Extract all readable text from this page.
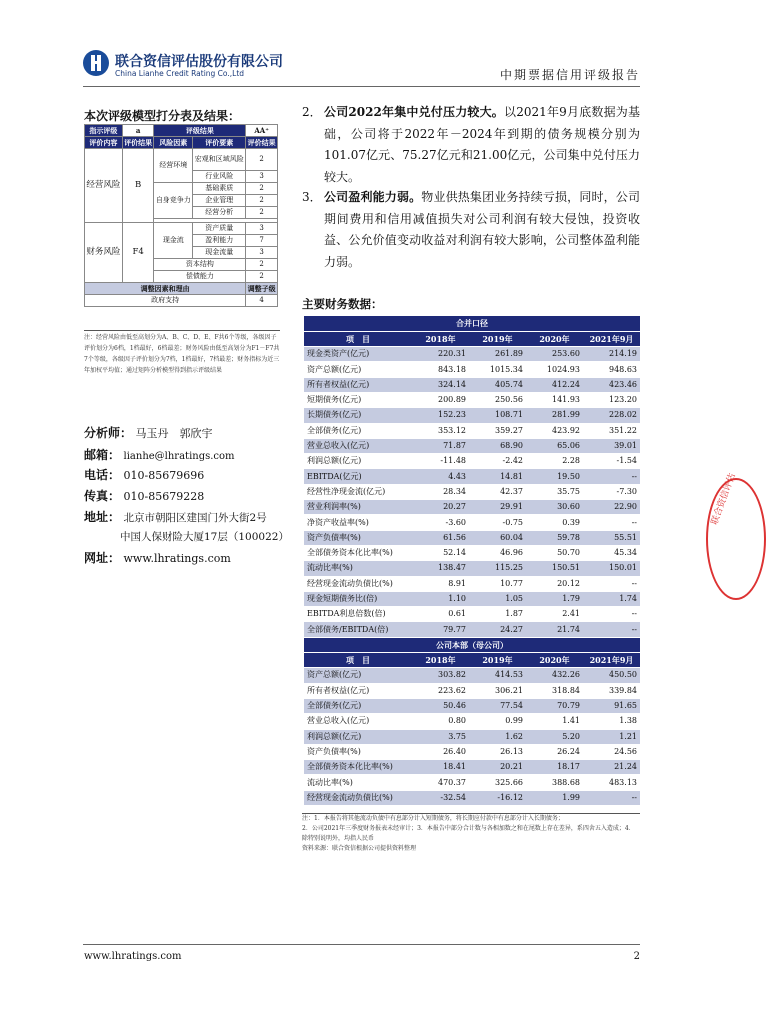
联合资信评估股份有限公司
China Lianhe Credit Rating Co.,Ltd	中期票据信用评级报告
本次评级模型打分表及结果：
指示评级	a	评级结果		AA⁺
评价内容	评价结果	风险因素	评价要素	评价结果
经营风险	B	经营环境	宏观和区域风险	2
			行业风险	3
		自身竞争力	基础素质	2
			企业管理	2
			经营分析	2

财务风险	F4	现金流	资产质量	3
			盈利能力	7
			现金流量	3
		资本结构		2
		偿债能力		2
调整因素和理由				调整子级
政府支持				4
注：经营风险由低至高划分为A、B、C、D、E、F共6个等级，各级因子评价划分为6档，1档最好，6档最差；财务风险由低至高划分为F1－F7共7个等级，各级因子评价划分为7档，1档最好，7档最差；财务指标为近三年加权平均值；通过矩阵分析模型得到指示评级结果
分析师： 马玉丹　郭欣宇
邮箱： lianhe@lhratings.com
电话： 010-85679696
传真： 010-85679228
地址： 北京市朝阳区建国门外大街2号
中国人保财险大厦17层（100022）
网址： www.lhratings.com
2． 公司2022年集中兑付压力较大。以2021年9月底数据为基础，公司将于2022年－2024年到期的债务规模分别为101.07亿元、75.27亿元和21.00亿元，公司集中兑付压力较大。
3． 公司盈利能力弱。物业供热集团业务持续亏损，同时，公司期间费用和信用减值损失对公司利润有较大侵蚀，投资收益、公允价值变动收益对利润有较大影响，公司整体盈利能力弱。
主要财务数据：
合并口径				
项　目	2018年	2019年	2020年	2021年9月
现金类资产(亿元)	220.31	261.89	253.60	214.19
资产总额(亿元)	843.18	1015.34	1024.93	948.63
所有者权益(亿元)	324.14	405.74	412.24	423.46
短期债务(亿元)	200.89	250.56	141.93	123.20
长期债务(亿元)	152.23	108.71	281.99	228.02
全部债务(亿元)	353.12	359.27	423.92	351.22
营业总收入(亿元)	71.87	68.90	65.06	39.01
利润总额(亿元)	-11.48	-2.42	2.28	-1.54
EBITDA(亿元)	4.43	14.81	19.50	--
经营性净现金流(亿元)	28.34	42.37	35.75	-7.30
营业利润率(%)	20.27	29.91	30.60	22.90
净资产收益率(%)	-3.60	-0.75	0.39	--
资产负债率(%)	61.56	60.04	59.78	55.51
全部债务资本化比率(%)	52.14	46.96	50.70	45.34
流动比率(%)	138.47	115.25	150.51	150.01
经营现金流动负债比(%)	8.91	10.77	20.12	--
现金短期债务比(倍)	1.10	1.05	1.79	1.74
EBITDA利息倍数(倍)	0.61	1.87	2.41	--
全部债务/EBITDA(倍)	79.77	24.27	21.74	--
公司本部（母公司）				
项　目	2018年	2019年	2020年	2021年9月
资产总额(亿元)	303.82	414.53	432.26	450.50
所有者权益(亿元)	223.62	306.21	318.84	339.84
全部债务(亿元)	50.46	77.54	70.79	91.65
营业总收入(亿元)	0.80	0.99	1.41	1.38
利润总额(亿元)	3.75	1.62	5.20	1.21
资产负债率(%)	26.40	26.13	26.24	24.56
全部债务资本化比率(%)	18.41	20.21	18.17	21.24
流动比率(%)	470.37	325.66	388.68	483.13
经营现金流动负债比(%)	-32.54	-16.12	1.99	--
注：1．本报告将其他流动负债中有息部分计入短期债务，将长期应付款中有息部分计入长期债务；
2．公司2021年三季度财务报表未经审计；3．本报告中部分合计数与各相加数之和在尾数上存在差异，系四舍五入造成；4．除特别说明外，均指人民币
资料来源：联合资信根据公司提供资料整理
联合资信评估
www.lhratings.com	2
